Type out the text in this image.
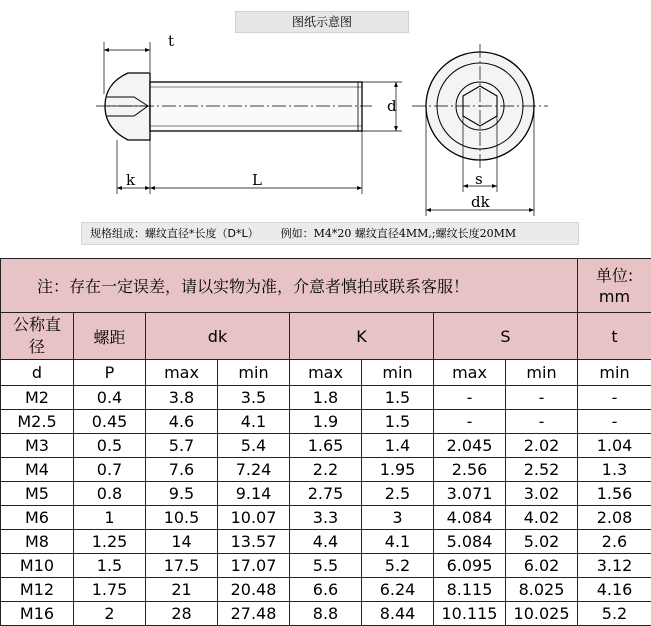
图纸示意图
t
d
k	L	s
dk
规格组成：螺纹直径*长度（D*L） 例如：M4*20 螺纹直径4MM,;螺纹长度20MM
注：存在一定误差，请以实物为准，介意者慎拍或联系客服！								单位:
mm
公称直
径	螺距	dk		K		S		t
d	P	max	min	max	min	max	min	min
M2	0.4	3.8	3.5	1.8	1.5	-	-	-
M2.5	0.45	4.6	4.1	1.9	1.5	-	-	-
M3	0.5	5.7	5.4	1.65	1.4	2.045	2.02	1.04
M4	0.7	7.6	7.24	2.2	1.95	2.56	2.52	1.3
M5	0.8	9.5	9.14	2.75	2.5	3.071	3.02	1.56
M6	1	10.5	10.07	3.3	3	4.084	4.02	2.08
M8	1.25	14	13.57	4.4	4.1	5.084	5.02	2.6
M10	1.5	17.5	17.07	5.5	5.2	6.095	6.02	3.12
M12	1.75	21	20.48	6.6	6.24	8.115	8.025	4.16
M16	2	28	27.48	8.8	8.44	10.115	10.025	5.2
